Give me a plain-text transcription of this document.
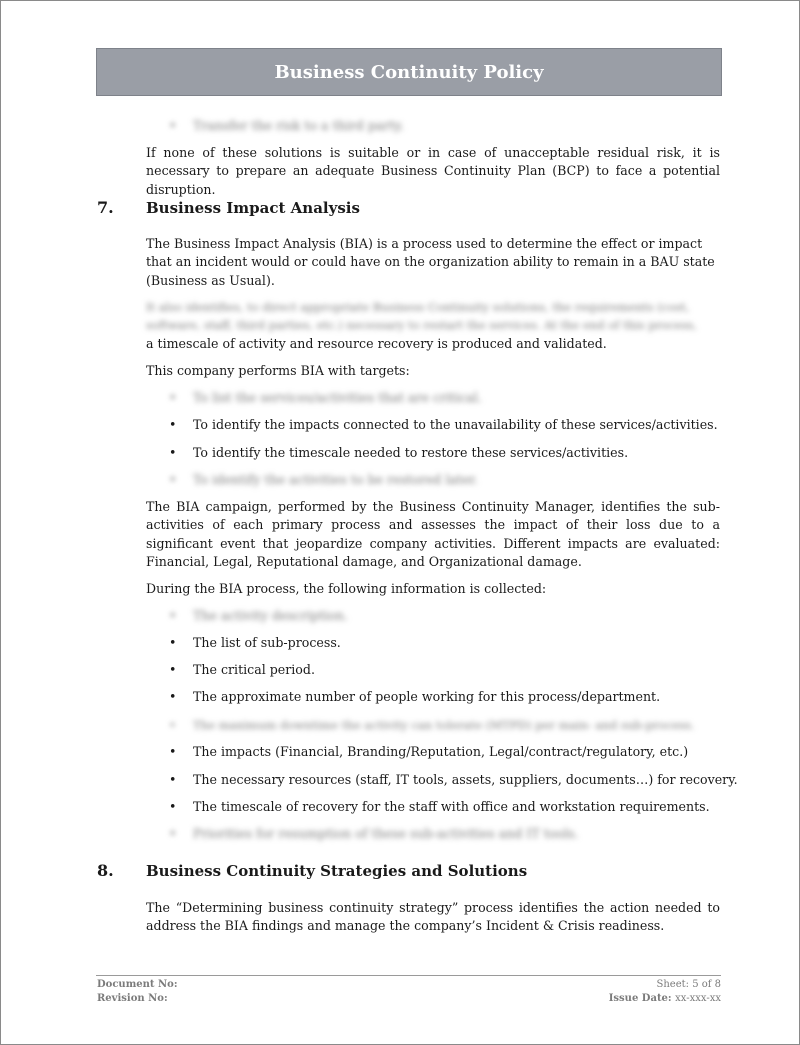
Business Continuity Policy
• Transfer the risk to a third party.

If none of these solutions is suitable or in case of unacceptable residual risk, it is necessary to prepare an adequate Business Continuity Plan (BCP) to face a potential disruption.

7. Business Impact Analysis

The Business Impact Analysis (BIA) is a process used to determine the effect or impact that an incident would or could have on the organization ability to remain in a BAU state (Business as Usual).

It also identifies, to direct appropriate Business Continuity solutions, the requirements (cost,

software, staff, third parties, etc.) necessary to restart the services. At the end of this process,

a timescale of activity and resource recovery is produced and validated.

This company performs BIA with targets:

• To list the services/activities that are critical.
• To identify the impacts connected to the unavailability of these services/activities.
• To identify the timescale needed to restore these services/activities.
• To identify the activities to be restored later.

The BIA campaign, performed by the Business Continuity Manager, identifies the sub-activities of each primary process and assesses the impact of their loss due to a significant event that jeopardize company activities. Different impacts are evaluated: Financial, Legal, Reputational damage, and Organizational damage.

During the BIA process, the following information is collected:

• The activity description.
• The list of sub-process.
• The critical period.
• The approximate number of people working for this process/department.
• The maximum downtime the activity can tolerate (MTPD) per main- and sub-process.
• The impacts (Financial, Branding/Reputation, Legal/contract/regulatory, etc.)
• The necessary resources (staff, IT tools, assets, suppliers, documents…) for recovery.
• The timescale of recovery for the staff with office and workstation requirements.
• Priorities for resumption of these sub-activities and IT tools.
8. Business Continuity Strategies and Solutions

The “Determining business continuity strategy” process identifies the action needed to address the BIA findings and manage the company’s Incident & Crisis readiness.

Document No:
Revision No:
Sheet: 5 of 8
Issue Date: xx-xxx-xx
